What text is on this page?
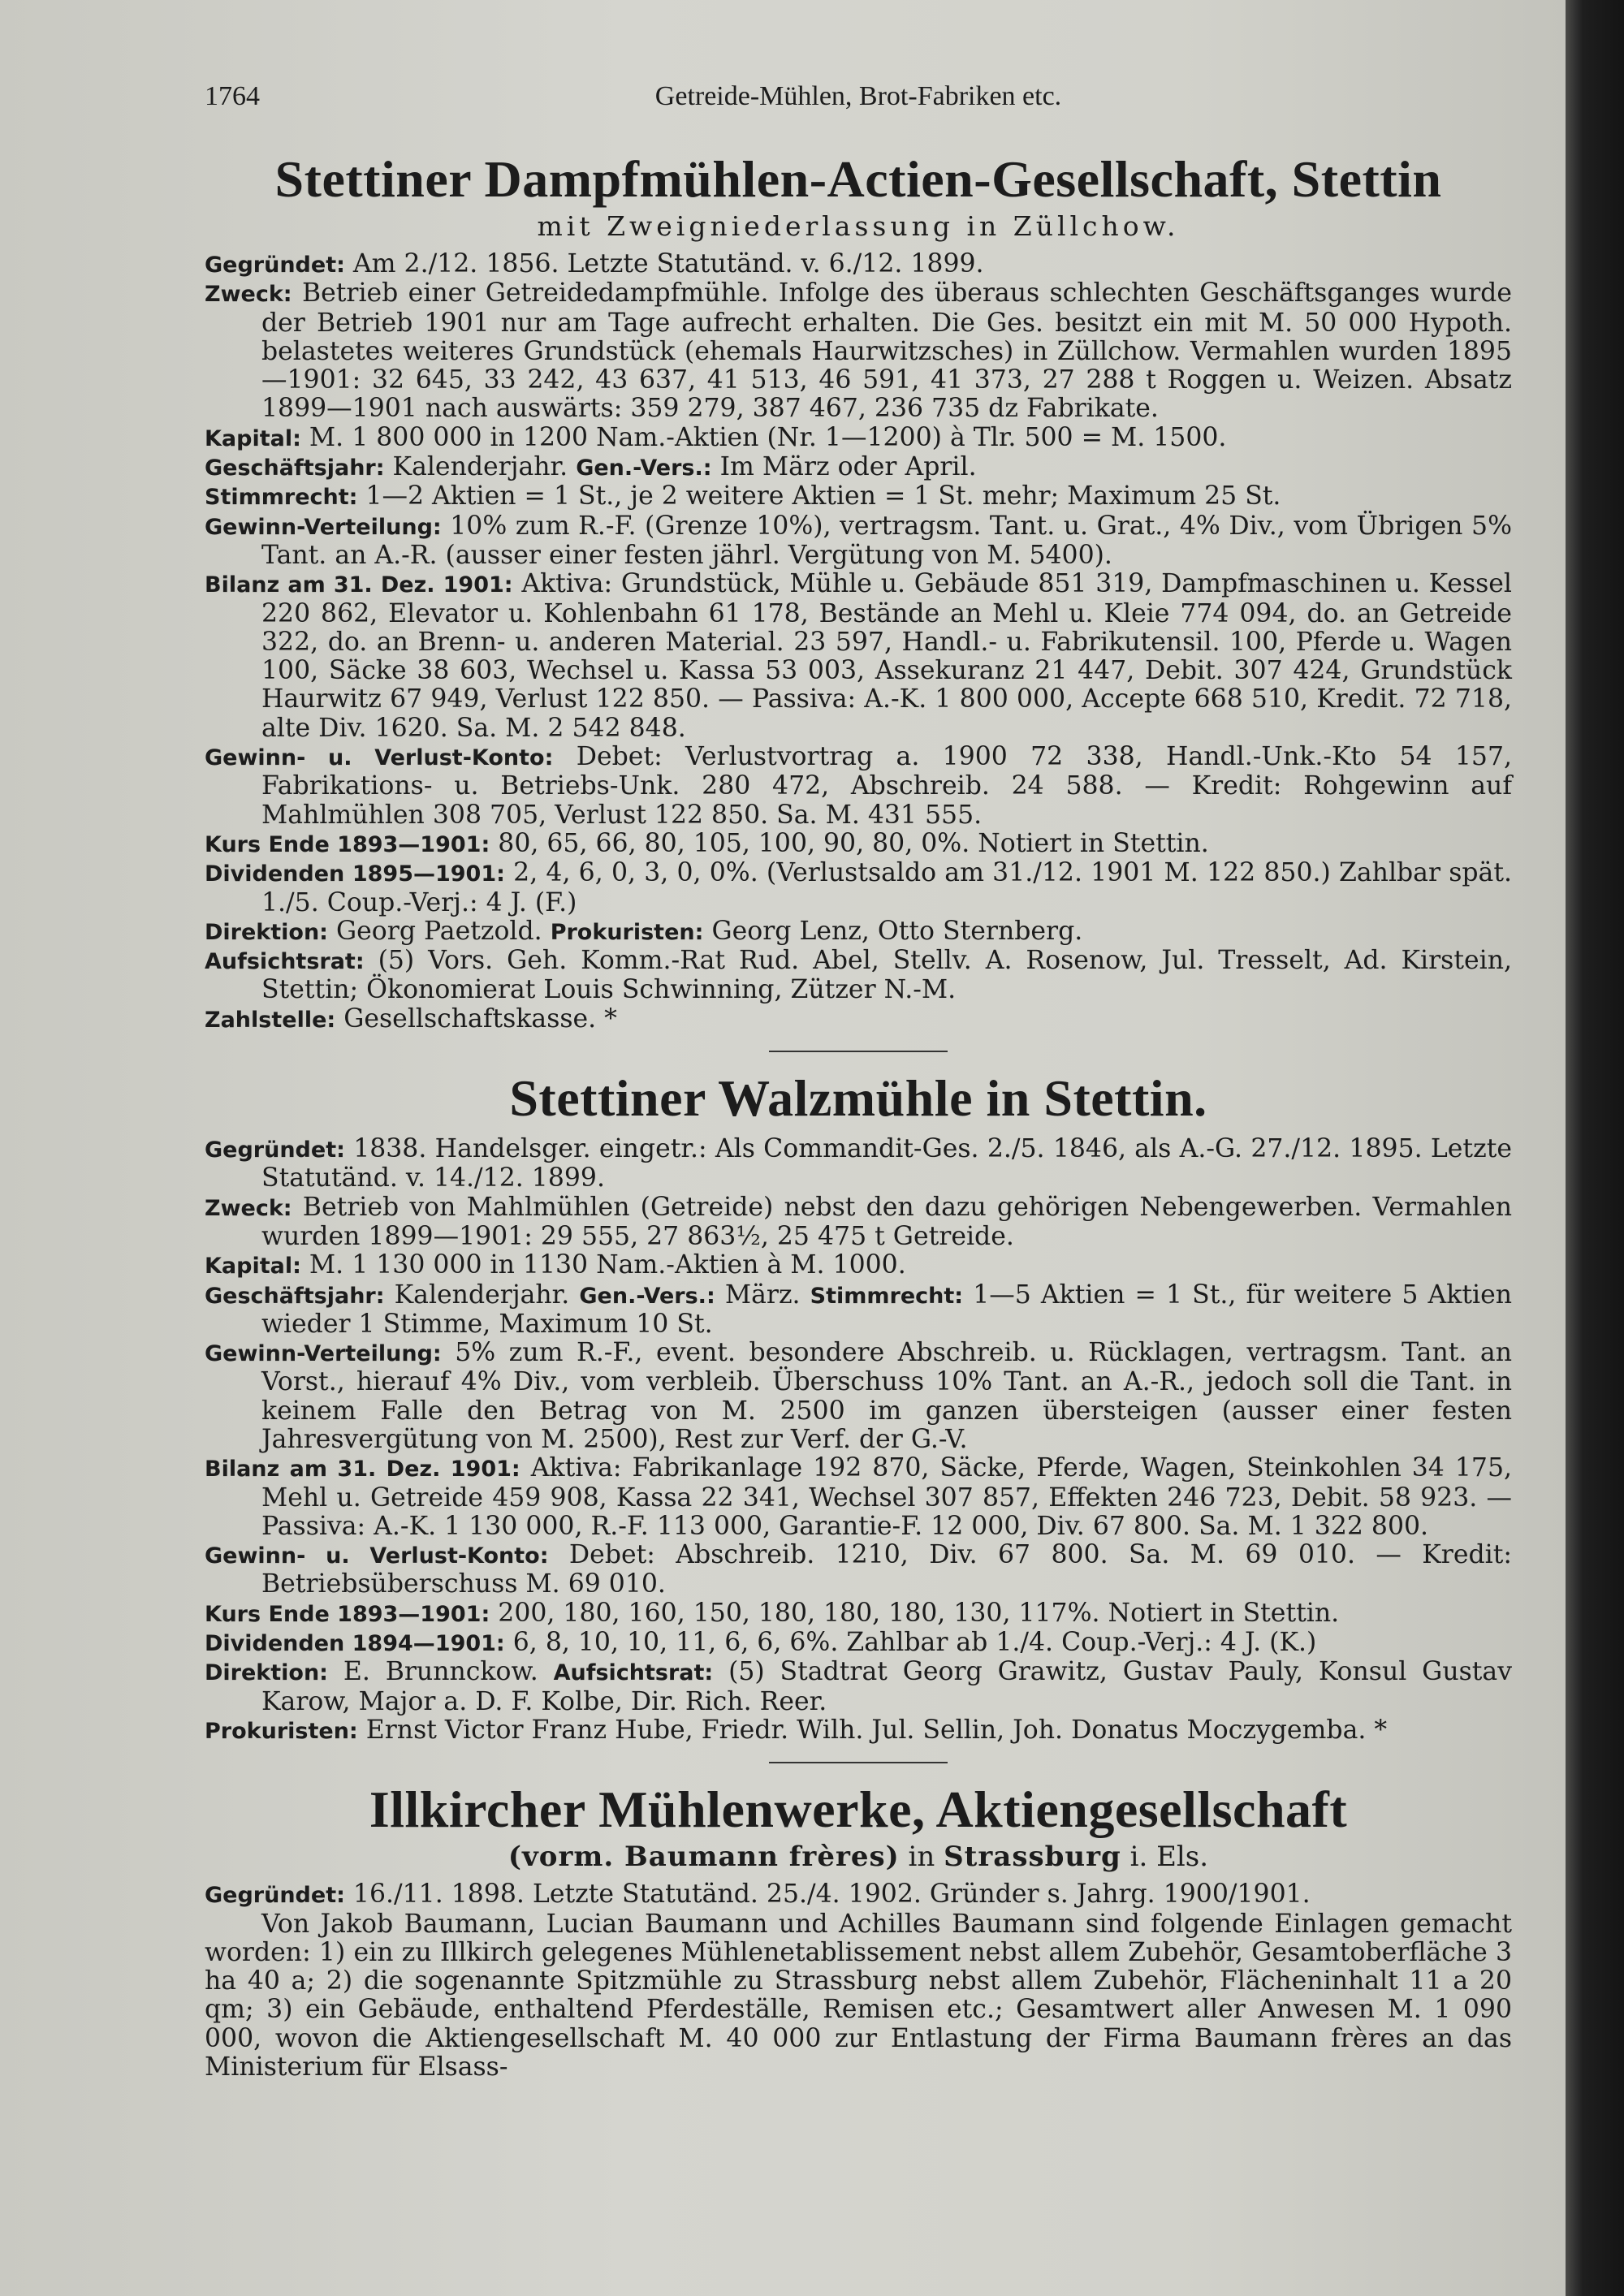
1764	Getreide-Mühlen, Brot-Fabriken etc.
Stettiner Dampfmühlen-Actien-Gesellschaft, Stettin
mit Zweigniederlassung in Züllchow.

Gegründet: Am 2./12. 1856. Letzte Statutänd. v. 6./12. 1899.

Zweck: Betrieb einer Getreidedampfmühle. Infolge des überaus schlechten Geschäftsganges wurde der Betrieb 1901 nur am Tage aufrecht erhalten. Die Ges. besitzt ein mit M. 50 000 Hypoth. belastetes weiteres Grundstück (ehemals Haurwitzsches) in Züllchow. Vermahlen wurden 1895—1901: 32 645, 33 242, 43 637, 41 513, 46 591, 41 373, 27 288 t Roggen u. Weizen. Absatz 1899—1901 nach auswärts: 359 279, 387 467, 236 735 dz Fabrikate.

Kapital: M. 1 800 000 in 1200 Nam.-Aktien (Nr. 1—1200) à Tlr. 500 = M. 1500.

Geschäftsjahr: Kalenderjahr. Gen.-Vers.: Im März oder April.

Stimmrecht: 1—2 Aktien = 1 St., je 2 weitere Aktien = 1 St. mehr; Maximum 25 St.

Gewinn-Verteilung: 10% zum R.-F. (Grenze 10%), vertragsm. Tant. u. Grat., 4% Div., vom Übrigen 5% Tant. an A.-R. (ausser einer festen jährl. Vergütung von M. 5400).

Bilanz am 31. Dez. 1901: Aktiva: Grundstück, Mühle u. Gebäude 851 319, Dampfmaschinen u. Kessel 220 862, Elevator u. Kohlenbahn 61 178, Bestände an Mehl u. Kleie 774 094, do. an Getreide 322, do. an Brenn- u. anderen Material. 23 597, Handl.- u. Fabrikutensil. 100, Pferde u. Wagen 100, Säcke 38 603, Wechsel u. Kassa 53 003, Assekuranz 21 447, Debit. 307 424, Grundstück Haurwitz 67 949, Verlust 122 850. — Passiva: A.-K. 1 800 000, Accepte 668 510, Kredit. 72 718, alte Div. 1620. Sa. M. 2 542 848.

Gewinn- u. Verlust-Konto: Debet: Verlustvortrag a. 1900 72 338, Handl.-Unk.-Kto 54 157, Fabrikations- u. Betriebs-Unk. 280 472, Abschreib. 24 588. — Kredit: Rohgewinn auf Mahlmühlen 308 705, Verlust 122 850. Sa. M. 431 555.

Kurs Ende 1893—1901: 80, 65, 66, 80, 105, 100, 90, 80, 0%. Notiert in Stettin.

Dividenden 1895—1901: 2, 4, 6, 0, 3, 0, 0%. (Verlustsaldo am 31./12. 1901 M. 122 850.) Zahlbar spät. 1./5. Coup.-Verj.: 4 J. (F.)

Direktion: Georg Paetzold. Prokuristen: Georg Lenz, Otto Sternberg.

Aufsichtsrat: (5) Vors. Geh. Komm.-Rat Rud. Abel, Stellv. A. Rosenow, Jul. Tresselt, Ad. Kirstein, Stettin; Ökonomierat Louis Schwinning, Zützer N.-M.

Zahlstelle: Gesellschaftskasse. *

Stettiner Walzmühle in Stettin.

Gegründet: 1838. Handelsger. eingetr.: Als Commandit-Ges. 2./5. 1846, als A.-G. 27./12. 1895. Letzte Statutänd. v. 14./12. 1899.

Zweck: Betrieb von Mahlmühlen (Getreide) nebst den dazu gehörigen Nebengewerben. Vermahlen wurden 1899—1901: 29 555, 27 863½, 25 475 t Getreide.

Kapital: M. 1 130 000 in 1130 Nam.-Aktien à M. 1000.

Geschäftsjahr: Kalenderjahr. Gen.-Vers.: März. Stimmrecht: 1—5 Aktien = 1 St., für weitere 5 Aktien wieder 1 Stimme, Maximum 10 St.

Gewinn-Verteilung: 5% zum R.-F., event. besondere Abschreib. u. Rücklagen, vertragsm. Tant. an Vorst., hierauf 4% Div., vom verbleib. Überschuss 10% Tant. an A.-R., jedoch soll die Tant. in keinem Falle den Betrag von M. 2500 im ganzen übersteigen (ausser einer festen Jahresvergütung von M. 2500), Rest zur Verf. der G.-V.

Bilanz am 31. Dez. 1901: Aktiva: Fabrikanlage 192 870, Säcke, Pferde, Wagen, Steinkohlen 34 175, Mehl u. Getreide 459 908, Kassa 22 341, Wechsel 307 857, Effekten 246 723, Debit. 58 923. — Passiva: A.-K. 1 130 000, R.-F. 113 000, Garantie-F. 12 000, Div. 67 800. Sa. M. 1 322 800.

Gewinn- u. Verlust-Konto: Debet: Abschreib. 1210, Div. 67 800. Sa. M. 69 010. — Kredit: Betriebsüberschuss M. 69 010.

Kurs Ende 1893—1901: 200, 180, 160, 150, 180, 180, 180, 130, 117%. Notiert in Stettin.

Dividenden 1894—1901: 6, 8, 10, 10, 11, 6, 6, 6%. Zahlbar ab 1./4. Coup.-Verj.: 4 J. (K.)

Direktion: E. Brunnckow. Aufsichtsrat: (5) Stadtrat Georg Grawitz, Gustav Pauly, Konsul Gustav Karow, Major a. D. F. Kolbe, Dir. Rich. Reer.

Prokuristen: Ernst Victor Franz Hube, Friedr. Wilh. Jul. Sellin, Joh. Donatus Moczygemba. *

Illkircher Mühlenwerke, Aktiengesellschaft
(vorm. Baumann frères) in Strassburg i. Els.

Gegründet: 16./11. 1898. Letzte Statutänd. 25./4. 1902. Gründer s. Jahrg. 1900/1901.

Von Jakob Baumann, Lucian Baumann und Achilles Baumann sind folgende Einlagen gemacht worden: 1) ein zu Illkirch gelegenes Mühlenetablissement nebst allem Zubehör, Gesamtoberfläche 3 ha 40 a; 2) die sogenannte Spitzmühle zu Strassburg nebst allem Zubehör, Flächeninhalt 11 a 20 qm; 3) ein Gebäude, enthaltend Pferdeställe, Remisen etc.; Gesamtwert aller Anwesen M. 1 090 000, wovon die Aktiengesellschaft M. 40 000 zur Entlastung der Firma Baumann frères an das Ministerium für Elsass-
